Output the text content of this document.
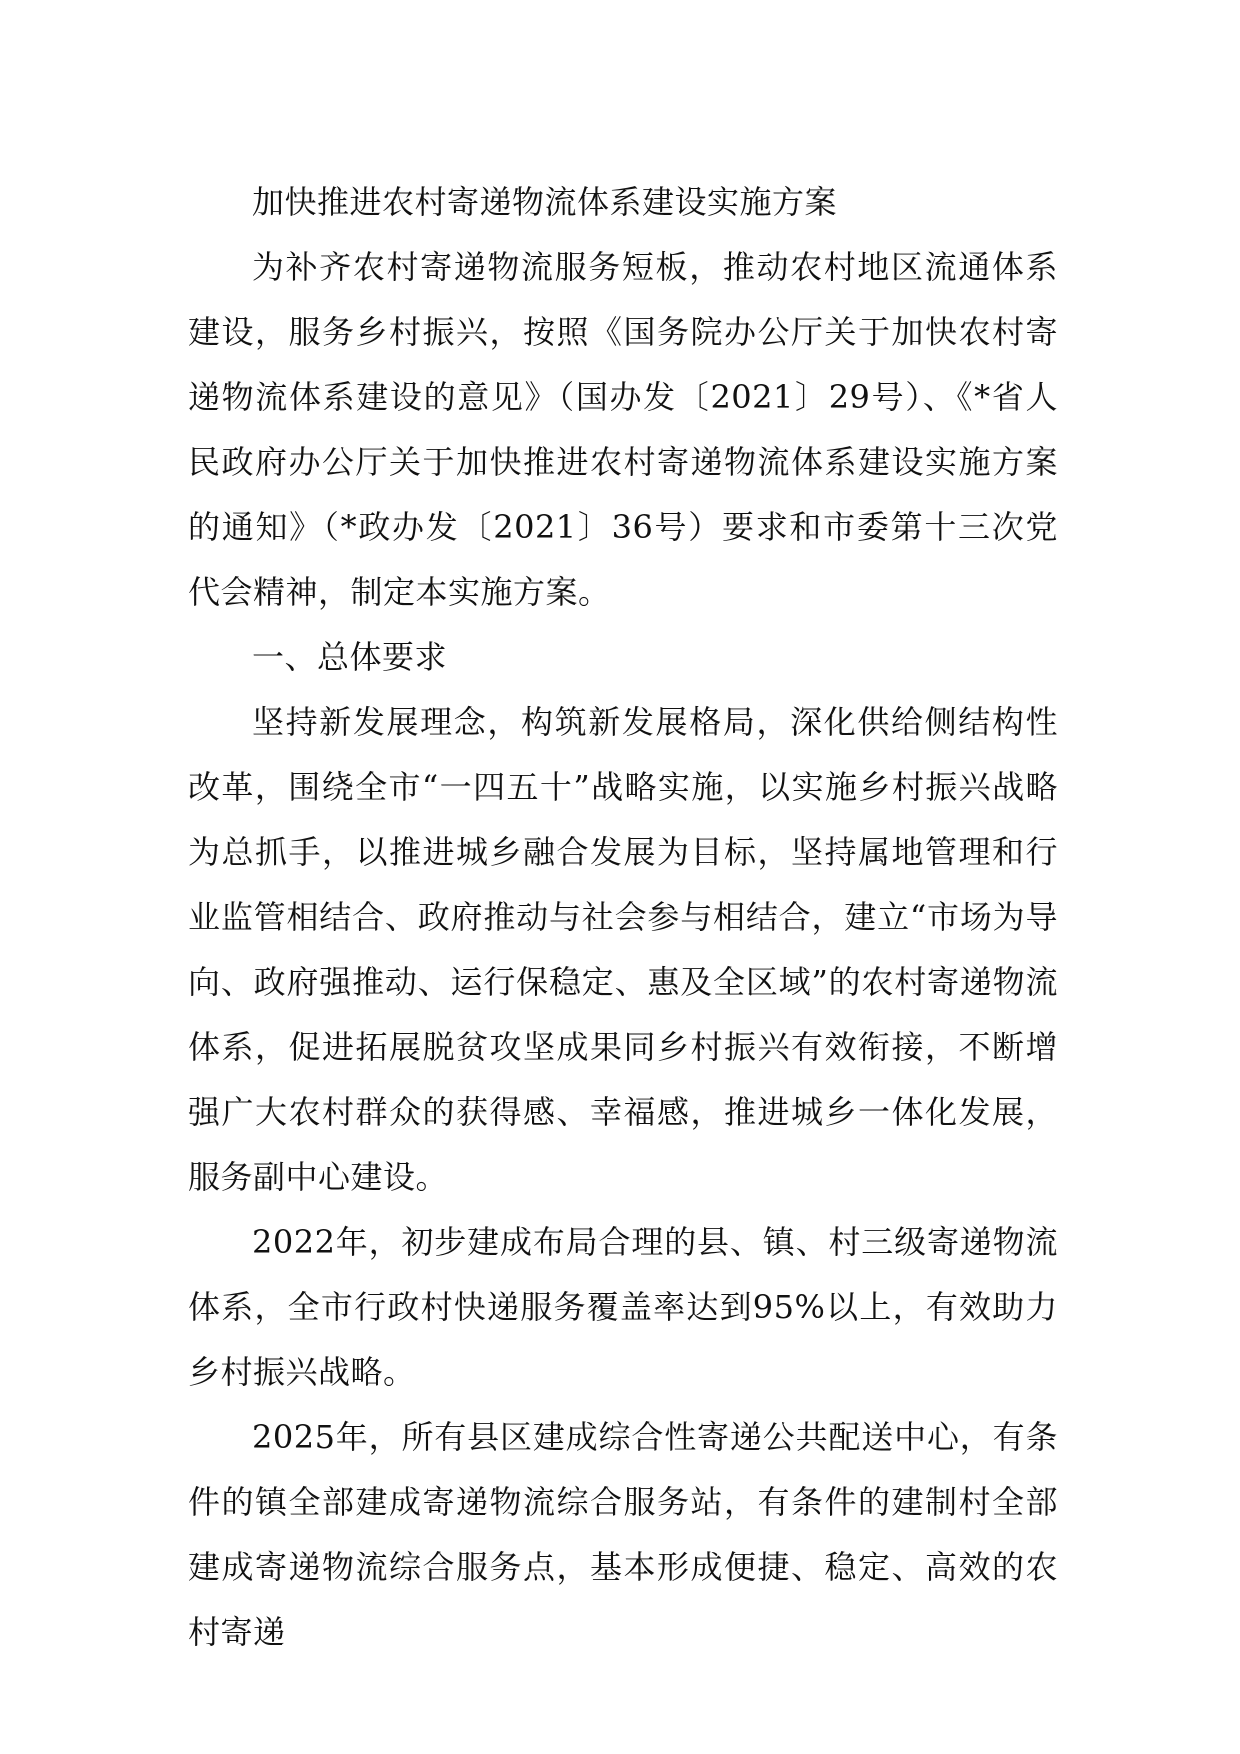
加快推进农村寄递物流体系建设实施方案

为补齐农村寄递物流服务短板，推动农村地区流通体系建设，服务乡村振兴，按照《国务院办公厅关于加快农村寄递物流体系建设的意见》（国办发〔2021〕29号）、《*省人民政府办公厅关于加快推进农村寄递物流体系建设实施方案的通知》（*政办发〔2021〕36号）要求和市委第十三次党代会精神，制定本实施方案。

一、总体要求

坚持新发展理念，构筑新发展格局，深化供给侧结构性改革，围绕全市“一四五十”战略实施，以实施乡村振兴战略为总抓手，以推进城乡融合发展为目标，坚持属地管理和行业监管相结合、政府推动与社会参与相结合，建立“市场为导向、政府强推动、运行保稳定、惠及全区域”的农村寄递物流体系，促进拓展脱贫攻坚成果同乡村振兴有效衔接，不断增强广大农村群众的获得感、幸福感，推进城乡一体化发展，服务副中心建设。

2022年，初步建成布局合理的县、镇、村三级寄递物流体系，全市行政村快递服务覆盖率达到95%以上，有效助力乡村振兴战略。

2025年，所有县区建成综合性寄递公共配送中心，有条件的镇全部建成寄递物流综合服务站，有条件的建制村全部建成寄递物流综合服务点，基本形成便捷、稳定、高效的农村寄递
